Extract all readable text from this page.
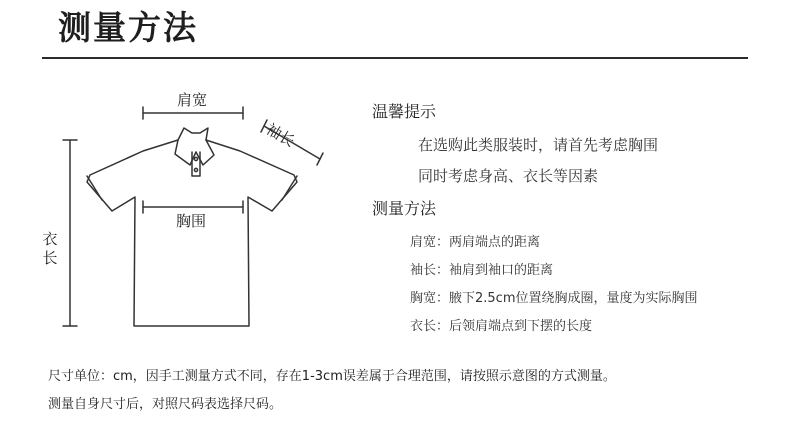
测量方法
肩宽
袖长
胸围
衣长

温馨提示

在选购此类服装时，请首先考虑胸围

同时考虑身高、衣长等因素

测量方法

肩宽：两肩端点的距离
袖长：袖肩到袖口的距离
胸宽：腋下2.5cm位置绕胸成圈，量度为实际胸围
衣长：后领肩端点到下摆的长度
尺寸单位：cm，因手工测量方式不同，存在1-3cm误差属于合理范围，请按照示意图的方式测量。
测量自身尺寸后，对照尺码表选择尺码。
